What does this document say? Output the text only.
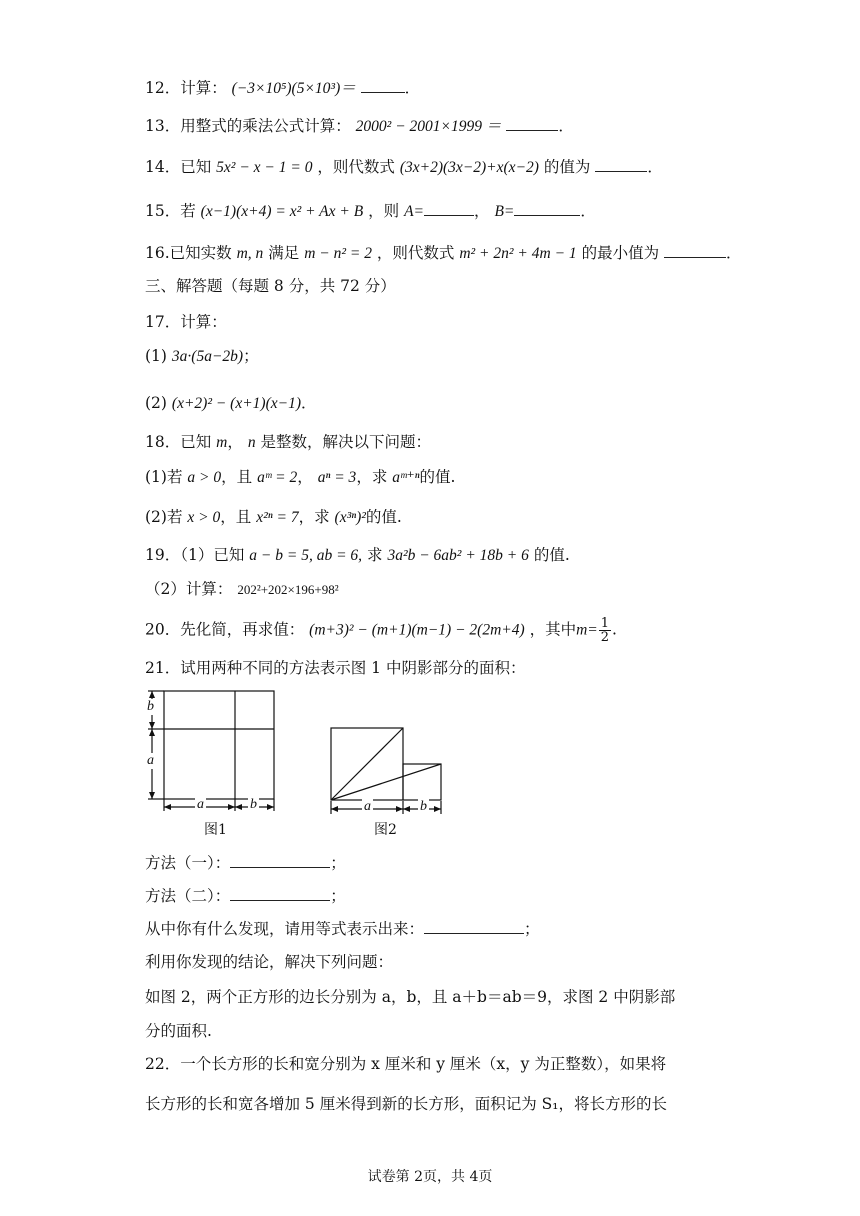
12．计算： (−3×10⁵)(5×10³)＝	．
13．用整式的乘法公式计算： 2000² − 2001×1999 ＝	．
14．已知 5x² − x − 1 = 0 ，则代数式 (3x+2)(3x−2)+x(x−2) 的值为	．
15．若 (x−1)(x+4) = x² + Ax + B ，则 A=	， B=	．
16.已知实数 m, n 满足 m − n² = 2 ，则代数式 m² + 2n² + 4m − 1 的最小值为	．
三、解答题（每题 8 分，共 72 分）
17．计算：
(1) 3a·(5a−2b)；
(2) (x+2)² − (x+1)(x−1)．
18．已知 m， n 是整数，解决以下问题：
(1)若 a > 0，且 aᵐ = 2， aⁿ = 3，求 aᵐ⁺ⁿ的值.
(2)若 x > 0，且 x²ⁿ = 7，求 (x³ⁿ)²的值.
19．（1）已知 a − b = 5, ab = 6, 求 3a²b − 6ab² + 18b + 6 的值.
（2）计算： 202²+202×196+98²
20．先化简，再求值： (m+3)² − (m+1)(m−1) − 2(2m+4) ，其中$m= \frac{1}{2}$ .
21．试用两种不同的方法表示图 1 中阴影部分的面积：
b
a
a	b
图1
a	b
图2
方法（一）：	；
方法（二）：	；
从中你有什么发现，请用等式表示出来：	；
利用你发现的结论，解决下列问题：
如图 2，两个正方形的边长分别为 a，b，且 a＋b＝ab＝9，求图 2 中阴影部
分的面积.
22．一个长方形的长和宽分别为 x 厘米和 y 厘米（x，y 为正整数），如果将
长方形的长和宽各增加 5 厘米得到新的长方形，面积记为 S₁，将长方形的长
试卷第 2页，共 4页
